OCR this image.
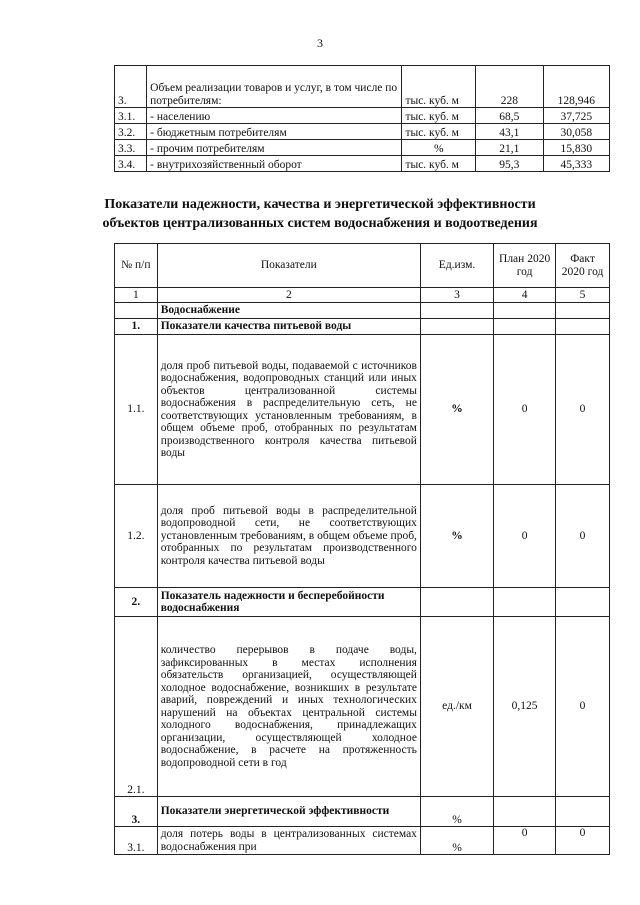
3
3.	Объем реализации товаров и услуг, в том числе по потребителям:	тыс. куб. м	228	128,946
3.1.	- населению	тыс. куб. м	68,5	37,725
3.2.	- бюджетным потребителям	тыс. куб. м	43,1	30,058
3.3.	- прочим потребителям	%	21,1	15,830
3.4.	- внутрихозяйственный оборот	тыс. куб. м	95,3	45,333
Показатели надежности, качества и энергетической эффективности
объектов централизованных систем водоснабжения и водоотведения
№ п/п	Показатели	Ед.изм.	План 2020 год	Факт 2020 год
1	2	3	4	5
	Водоснабжение			
1.	Показатели качества питьевой воды			
1.1.	доля проб питьевой воды, подаваемой с источников водоснабжения, водопроводных станций или иных объектов централизованной системы водоснабжения в распределительную сеть, не соответствующих установленным требованиям, в общем объеме проб, отобранных по результатам производственного контроля качества питьевой воды	%	0	0
1.2.	доля проб питьевой воды в распределительной водопроводной сети, не соответствующих установленным требованиям, в общем объеме проб, отобранных по результатам производственного контроля качества питьевой воды	%	0	0
2.	Показатель надежности и бесперебойности водоснабжения			
2.1.	количество перерывов в подаче воды, зафиксированных в местах исполнения обязательств организацией, осуществляющей холодное водоснабжение, возникших в результате аварий, повреждений и иных технологических нарушений на объектах центральной системы холодного водоснабжения, принадлежащих организации, осуществляющей холодное водоснабжение, в расчете на протяженность водопроводной сети в год	ед./км	0,125	0
3.	Показатели энергетической эффективности	%		
3.1.	доля потерь воды в централизованных системах водоснабжения при	%	0	0
